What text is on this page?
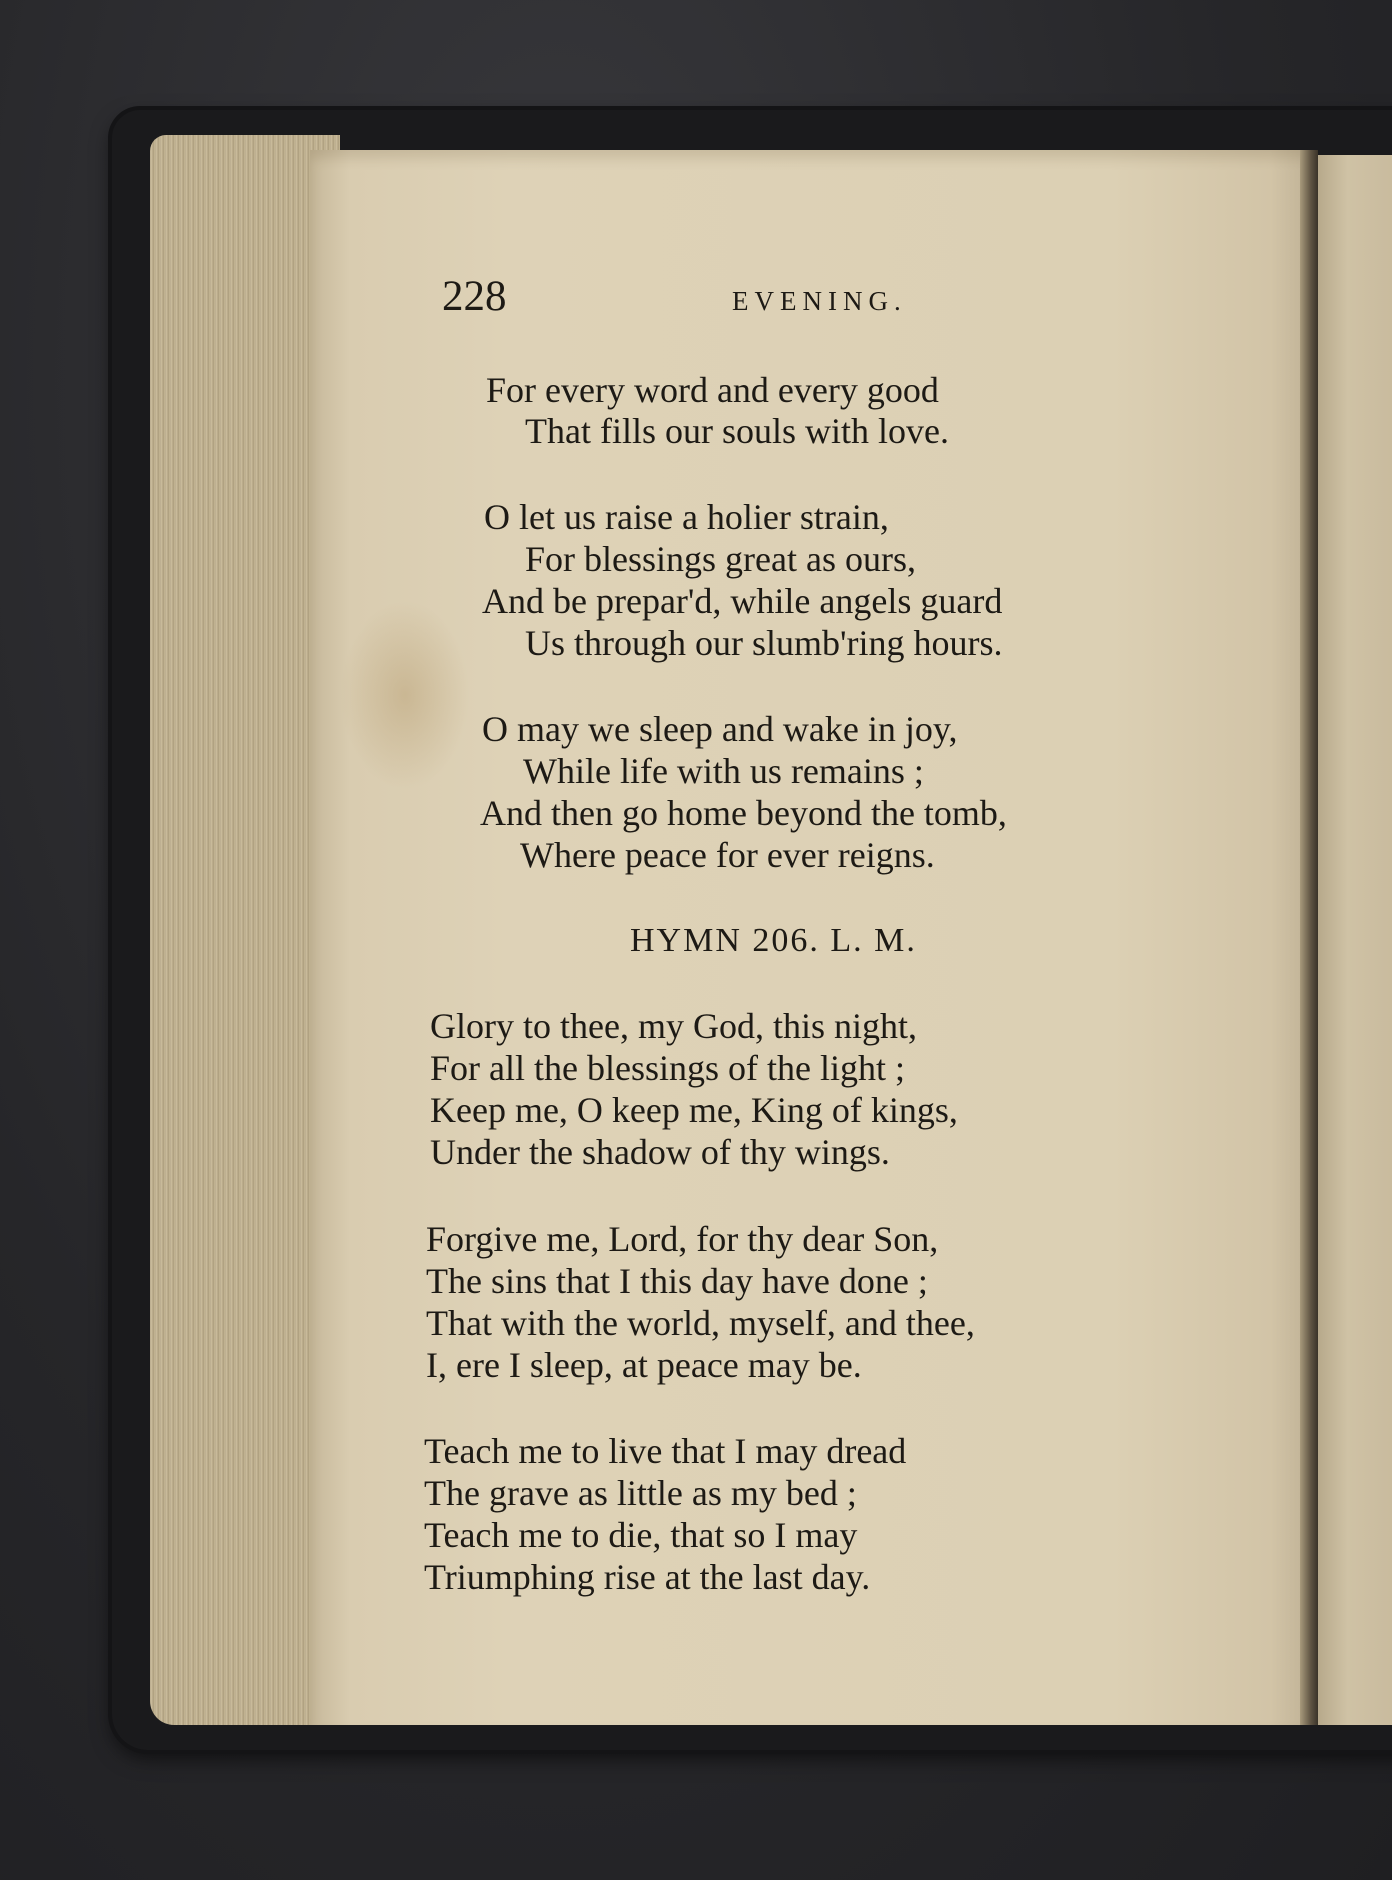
228	EVENING.
For every word and every good
That fills our souls with love.
O let us raise a holier strain,
For blessings great as ours,
And be prepar'd, while angels guard
Us through our slumb'ring hours.
O may we sleep and wake in joy,
While life with us remains ;
And then go home beyond the tomb,
Where peace for ever reigns.
HYMN 206. L. M.
Glory to thee, my God, this night,
For all the blessings of the light ;
Keep me, O keep me, King of kings,
Under the shadow of thy wings.
Forgive me, Lord, for thy dear Son,
The sins that I this day have done ;
That with the world, myself, and thee,
I, ere I sleep, at peace may be.
Teach me to live that I may dread
The grave as little as my bed ;
Teach me to die, that so I may
Triumphing rise at the last day.
